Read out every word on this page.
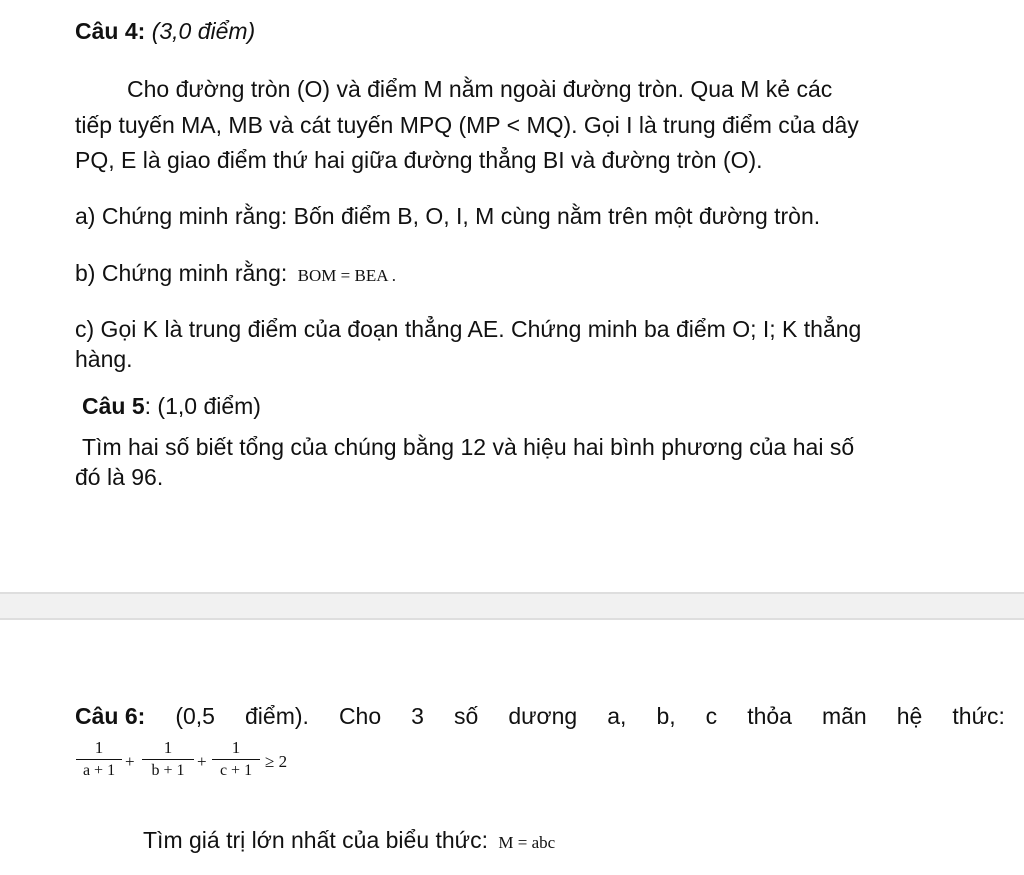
Câu 4: (3,0 điểm)
Cho đường tròn (O) và điểm M nằm ngoài đường tròn. Qua M kẻ các
tiếp tuyến MA, MB và cát tuyến MPQ (MP < MQ). Gọi I là trung điểm của dây
PQ, E là giao điểm thứ hai giữa đường thẳng BI và đường tròn (O).
a) Chứng minh rằng: Bốn điểm B, O, I, M cùng nằm trên một đường tròn.
b) Chứng minh rằng: BOM = BEA .
c) Gọi K là trung điểm của đoạn thẳng AE. Chứng minh ba điểm O; I; K thẳng
hàng.
Câu 5: (1,0 điểm)
Tìm hai số biết tổng của chúng bằng 12 và hiệu hai bình phương của hai số
đó là 96.
Câu 6: (0,5 điểm). Cho 3 số dương a, b, c thỏa mãn hệ thức:
1
a + 1 +
1
b + 1 +
1
c + 1 ≥ 2
Tìm giá trị lớn nhất của biểu thức: M = abc
